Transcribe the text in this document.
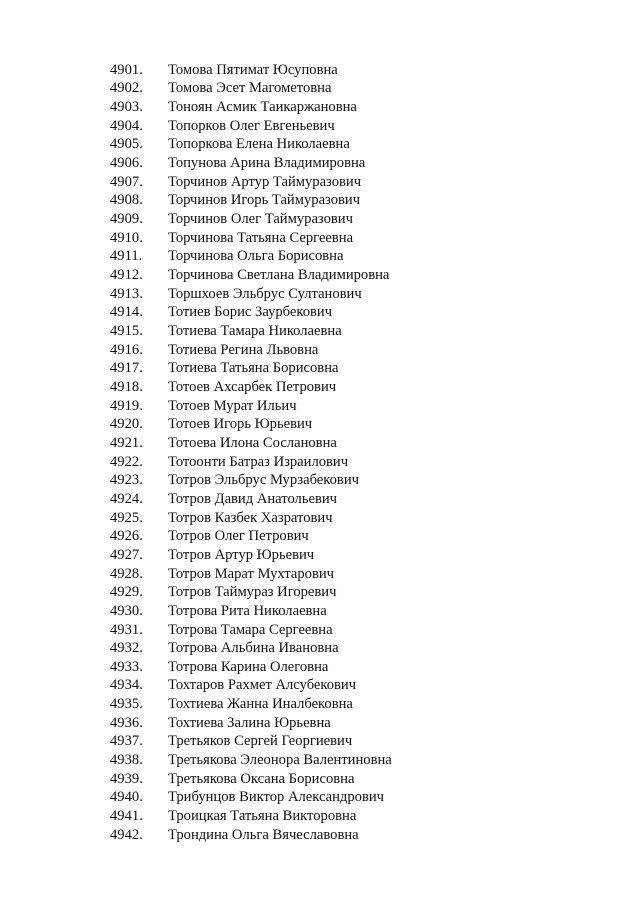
4901.	Томова Пятимат Юсуповна
4902.	Томова Эсет Магометовна
4903.	Тоноян Асмик Таикаржановна
4904.	Топорков Олег Евгеньевич
4905.	Топоркова Елена Николаевна
4906.	Топунова Арина Владимировна
4907.	Торчинов Артур Таймуразович
4908.	Торчинов Игорь Таймуразович
4909.	Торчинов Олег Таймуразович
4910.	Торчинова Татьяна Сергеевна
4911.	Торчинова Ольга Борисовна
4912.	Торчинова Светлана Владимировна
4913.	Торшхоев Эльбрус Султанович
4914.	Тотиев Борис Заурбекович
4915.	Тотиева Тамара Николаевна
4916.	Тотиева Регина Львовна
4917.	Тотиева Татьяна Борисовна
4918.	Тотоев Ахсарбек Петрович
4919.	Тотоев Мурат Ильич
4920.	Тотоев Игорь Юрьевич
4921.	Тотоева Илона Сослановна
4922.	Тотоонти Батраз Израилович
4923.	Тотров Эльбрус Мурзабекович
4924.	Тотров Давид Анатольевич
4925.	Тотров Казбек Хазратович
4926.	Тотров Олег Петрович
4927.	Тотров Артур Юрьевич
4928.	Тотров Марат Мухтарович
4929.	Тотров Таймураз Игоревич
4930.	Тотрова Рита Николаевна
4931.	Тотрова Тамара Сергеевна
4932.	Тотрова Альбина Ивановна
4933.	Тотрова Карина Олеговна
4934.	Тохтаров Рахмет Алсубекович
4935.	Тохтиева Жанна Иналбековна
4936.	Тохтиева Залина Юрьевна
4937.	Третьяков Сергей Георгиевич
4938.	Третьякова Элеонора Валентиновна
4939.	Третьякова Оксана Борисовна
4940.	Трибунцов Виктор Александрович
4941.	Троицкая Татьяна Викторовна
4942.	Трондина Ольга Вячеславовна
